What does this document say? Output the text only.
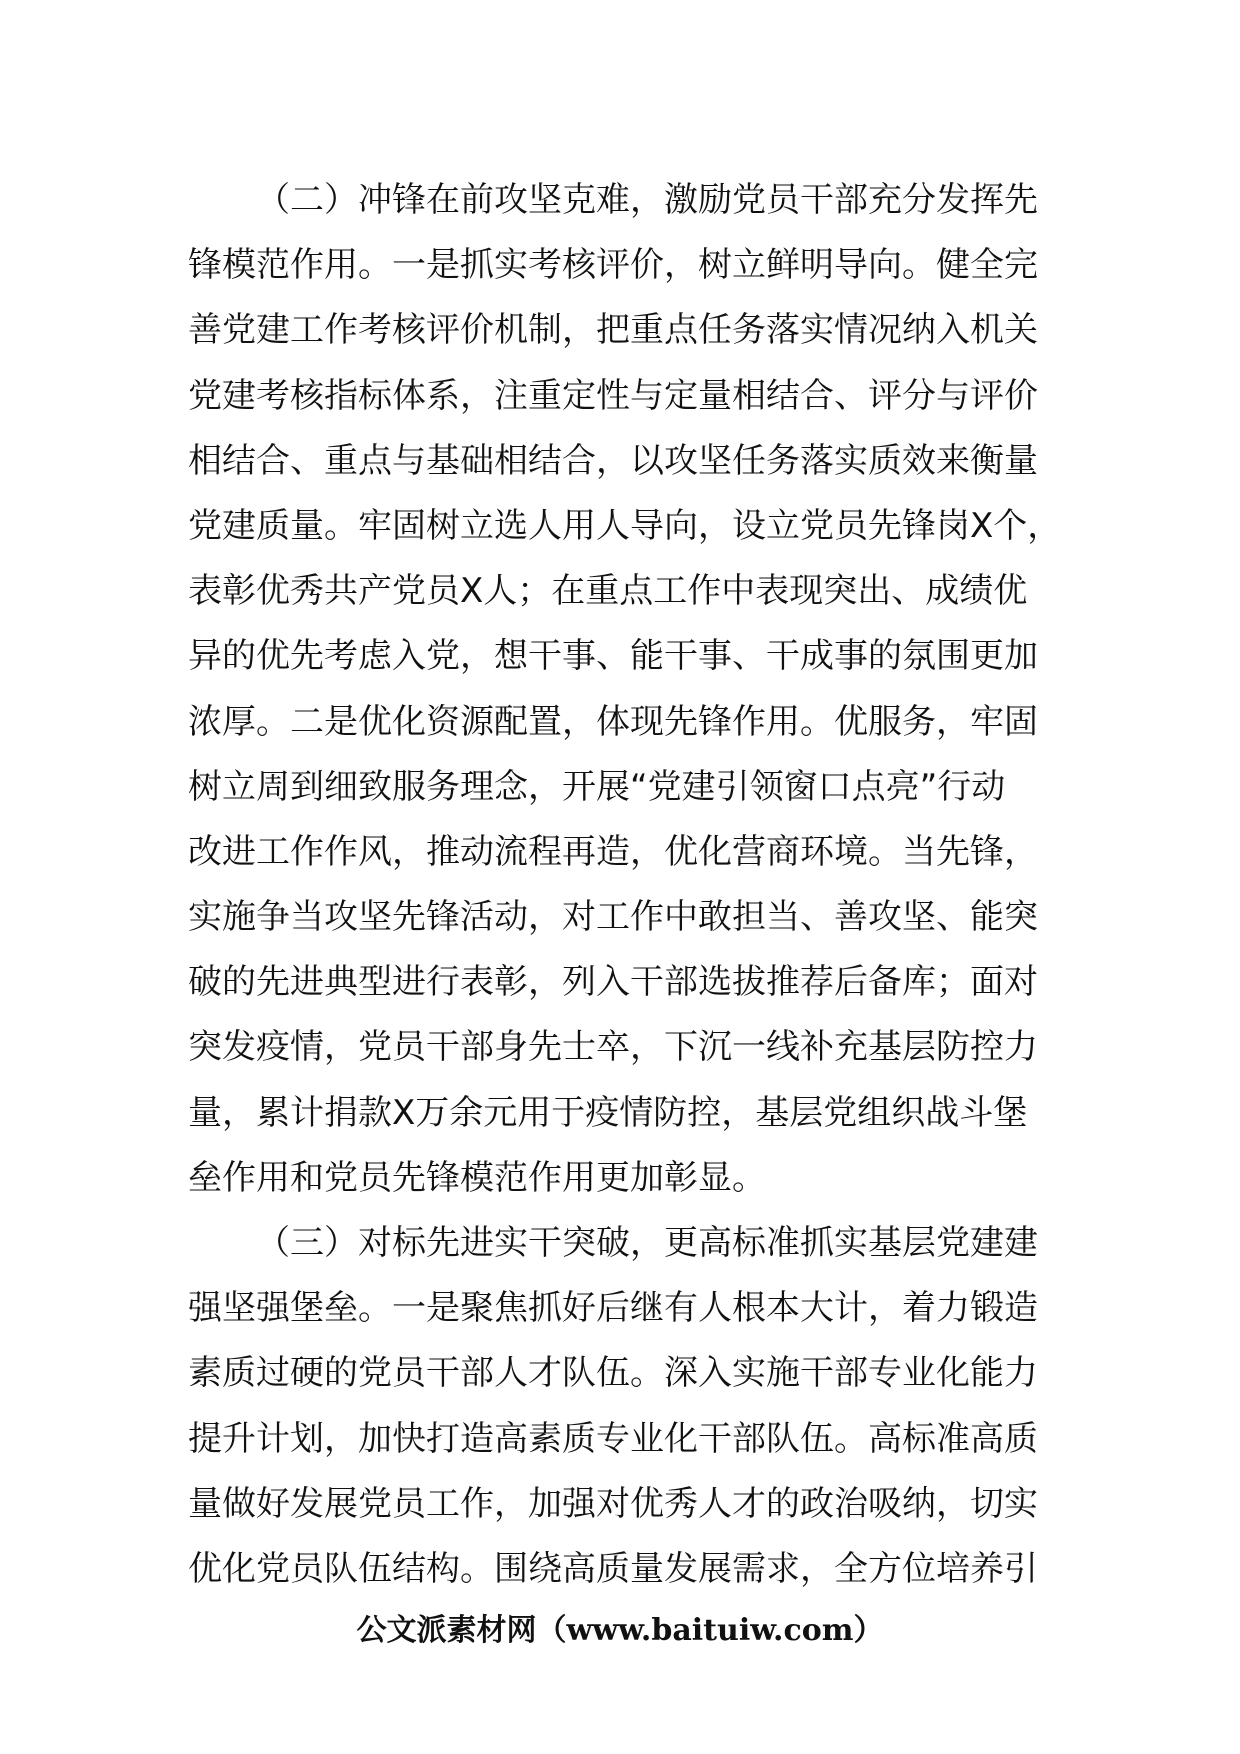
（二）冲锋在前攻坚克难，激励党员干部充分发挥先
锋模范作用。一是抓实考核评价，树立鲜明导向。健全完
善党建工作考核评价机制，把重点任务落实情况纳入机关
党建考核指标体系，注重定性与定量相结合、评分与评价
相结合、重点与基础相结合，以攻坚任务落实质效来衡量
党建质量。牢固树立选人用人导向，设立党员先锋岗X个，
表彰优秀共产党员X人；在重点工作中表现突出、成绩优
异的优先考虑入党，想干事、能干事、干成事的氛围更加
浓厚。二是优化资源配置，体现先锋作用。优服务，牢固
树立周到细致服务理念，开展“党建引领窗口点亮”行动
改进工作作风，推动流程再造，优化营商环境。当先锋，
实施争当攻坚先锋活动，对工作中敢担当、善攻坚、能突
破的先进典型进行表彰，列入干部选拔推荐后备库；面对
突发疫情，党员干部身先士卒，下沉一线补充基层防控力
量，累计捐款X万余元用于疫情防控，基层党组织战斗堡
垒作用和党员先锋模范作用更加彰显。
（三）对标先进实干突破，更高标准抓实基层党建建
强坚强堡垒。一是聚焦抓好后继有人根本大计，着力锻造
素质过硬的党员干部人才队伍。深入实施干部专业化能力
提升计划，加快打造高素质专业化干部队伍。高标准高质
量做好发展党员工作，加强对优秀人才的政治吸纳，切实
优化党员队伍结构。围绕高质量发展需求，全方位培养引
公文派素材网（www.baituiw.com）
